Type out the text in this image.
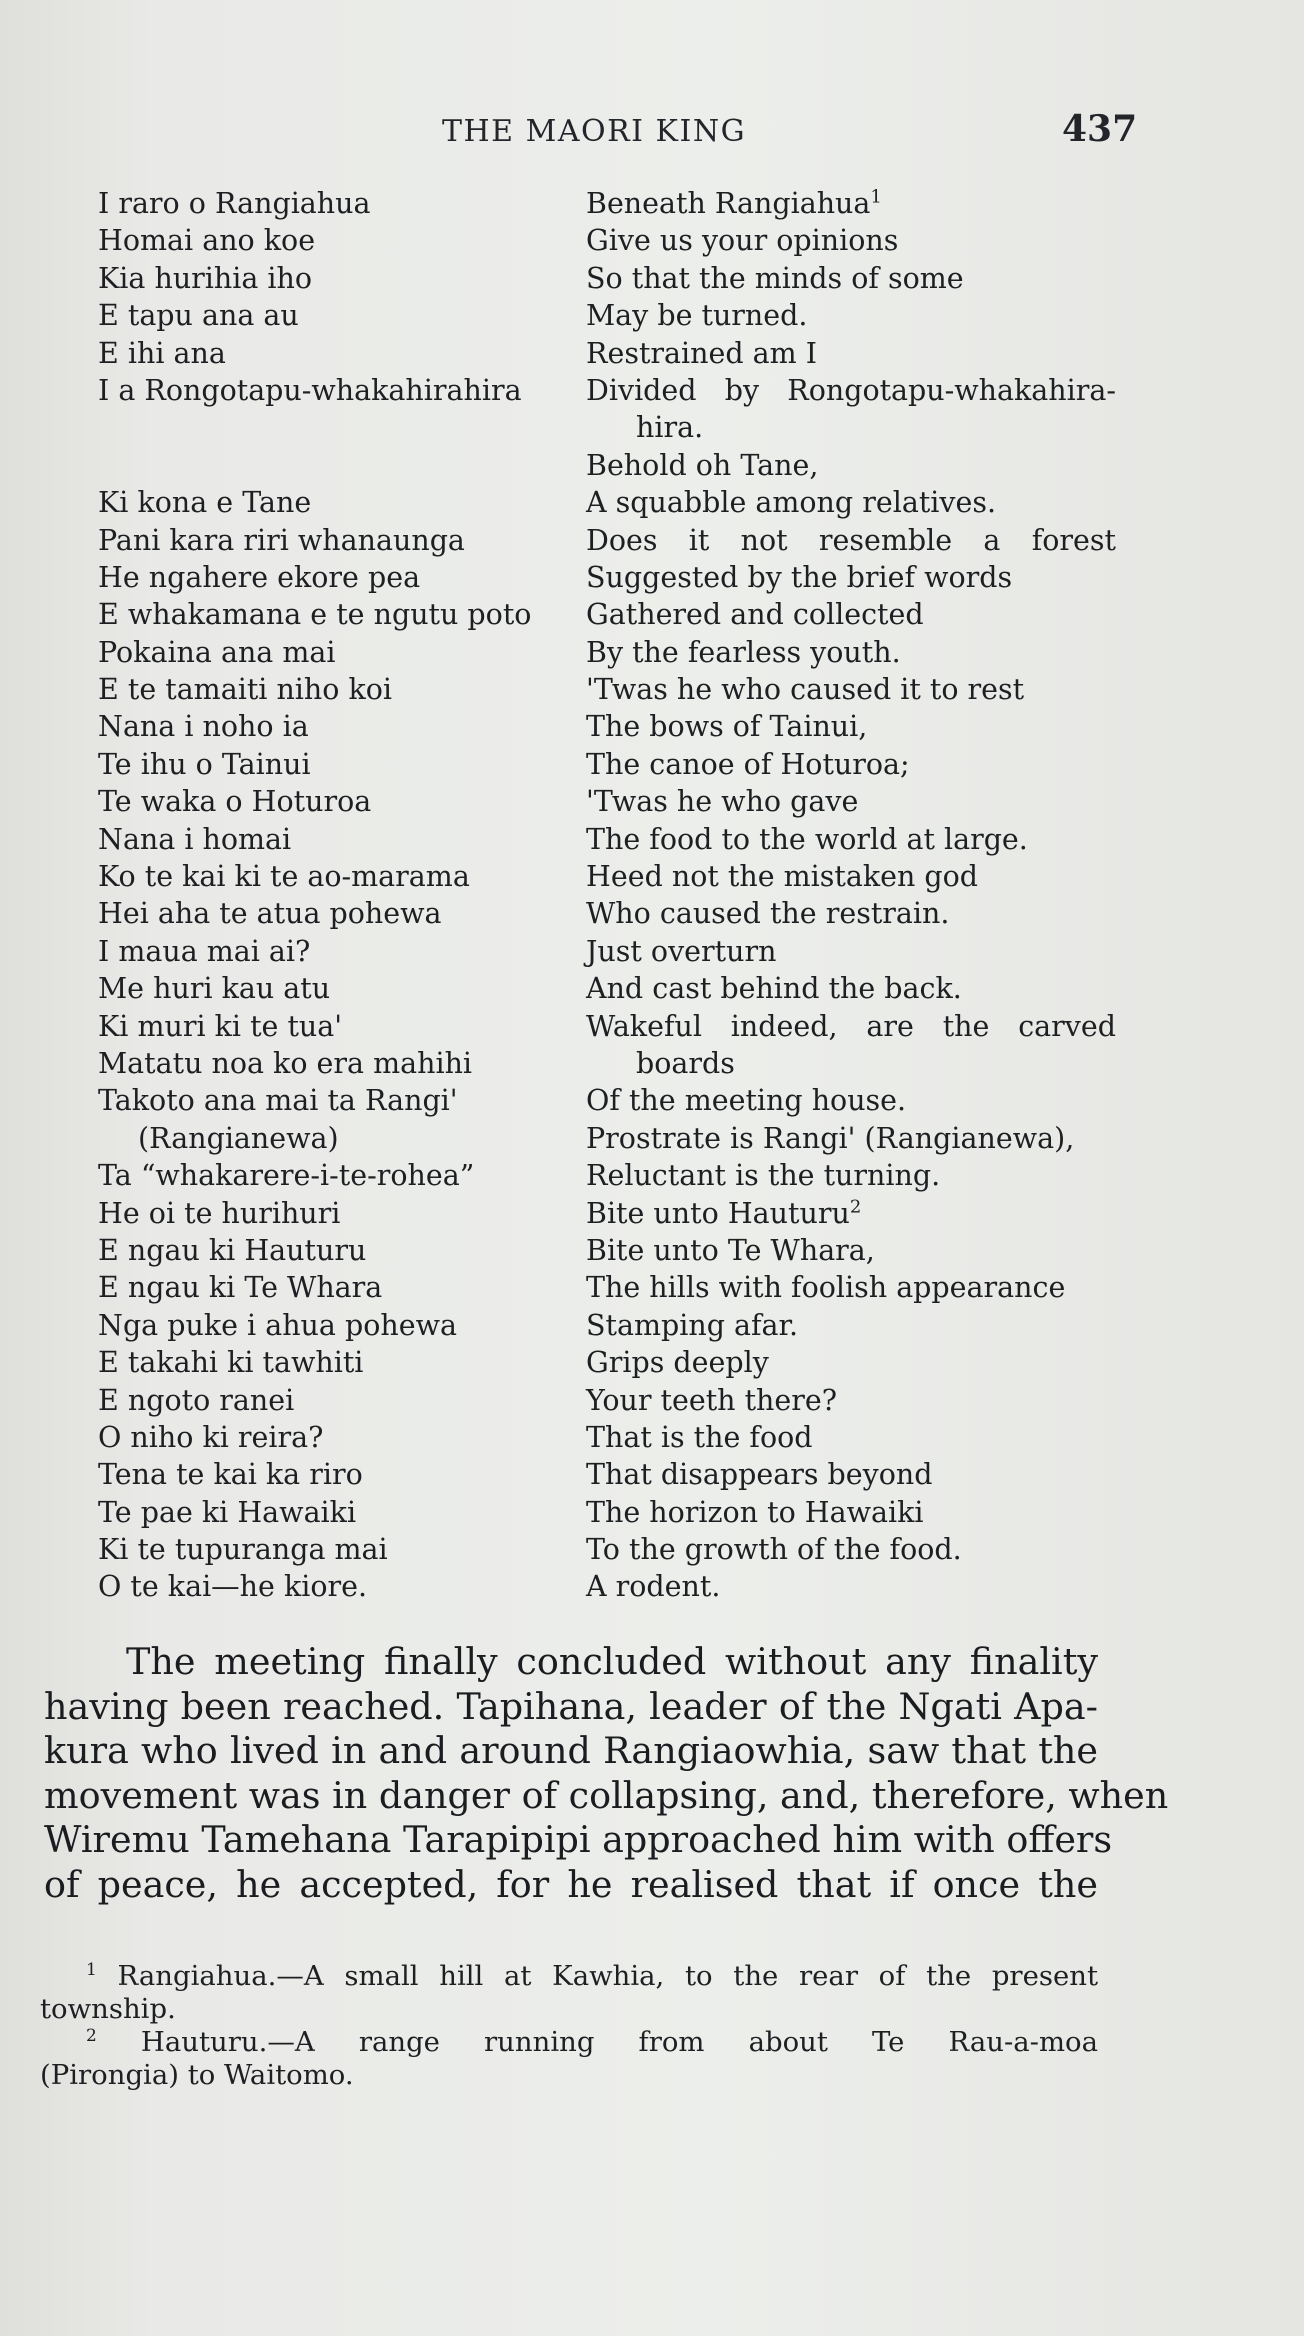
THE MAORI KING	437
I raro o Rangiahua
Homai ano koe
Kia hurihia iho
E tapu ana au
E ihi ana
I a Rongotapu-whakahirahira
Ki kona e Tane
Pani kara riri whanaunga
He ngahere ekore pea
E whakamana e te ngutu poto
Pokaina ana mai
E te tamaiti niho koi
Nana i noho ia
Te ihu o Tainui
Te waka o Hoturoa
Nana i homai
Ko te kai ki te ao-marama
Hei aha te atua pohewa
I maua mai ai?
Me huri kau atu
Ki muri ki te tua'
Matatu noa ko era mahihi
Takoto ana mai ta Rangi'
(Rangianewa)
Ta “whakarere-i-te-rohea”
He oi te hurihuri
E ngau ki Hauturu
E ngau ki Te Whara
Nga puke i ahua pohewa
E takahi ki tawhiti
E ngoto ranei
O niho ki reira?
Tena te kai ka riro
Te pae ki Hawaiki
Ki te tupuranga mai
O te kai—he kiore.
Beneath Rangiahua$^1$
Give us your opinions
So that the minds of some
May be turned.
Restrained am I
Divided by Rongotapu-whakahira-
hira.
Behold oh Tane,
A squabble among relatives.
Does it not resemble a forest
Suggested by the brief words
Gathered and collected
By the fearless youth.
'Twas he who caused it to rest
The bows of Tainui,
The canoe of Hoturoa;
'Twas he who gave
The food to the world at large.
Heed not the mistaken god
Who caused the restrain.
Just overturn
And cast behind the back.
Wakeful indeed, are the carved
boards
Of the meeting house.
Prostrate is Rangi' (Rangianewa),
Reluctant is the turning.
Bite unto Hauturu$^2$
Bite unto Te Whara,
The hills with foolish appearance
Stamping afar.
Grips deeply
Your teeth there?
That is the food
That disappears beyond
The horizon to Hawaiki
To the growth of the food.
A rodent.
The meeting finally concluded without any finality
having been reached. Tapihana, leader of the Ngati Apa-
kura who lived in and around Rangiaowhia, saw that the
movement was in danger of collapsing, and, therefore, when
Wiremu Tamehana Tarapipipi approached him with offers
of peace, he accepted, for he realised that if once the
$^1$ Rangiahua.—A small hill at Kawhia, to the rear of the present
township.
$^2$ Hauturu.—A range running from about Te Rau-a-moa
(Pirongia) to Waitomo.
